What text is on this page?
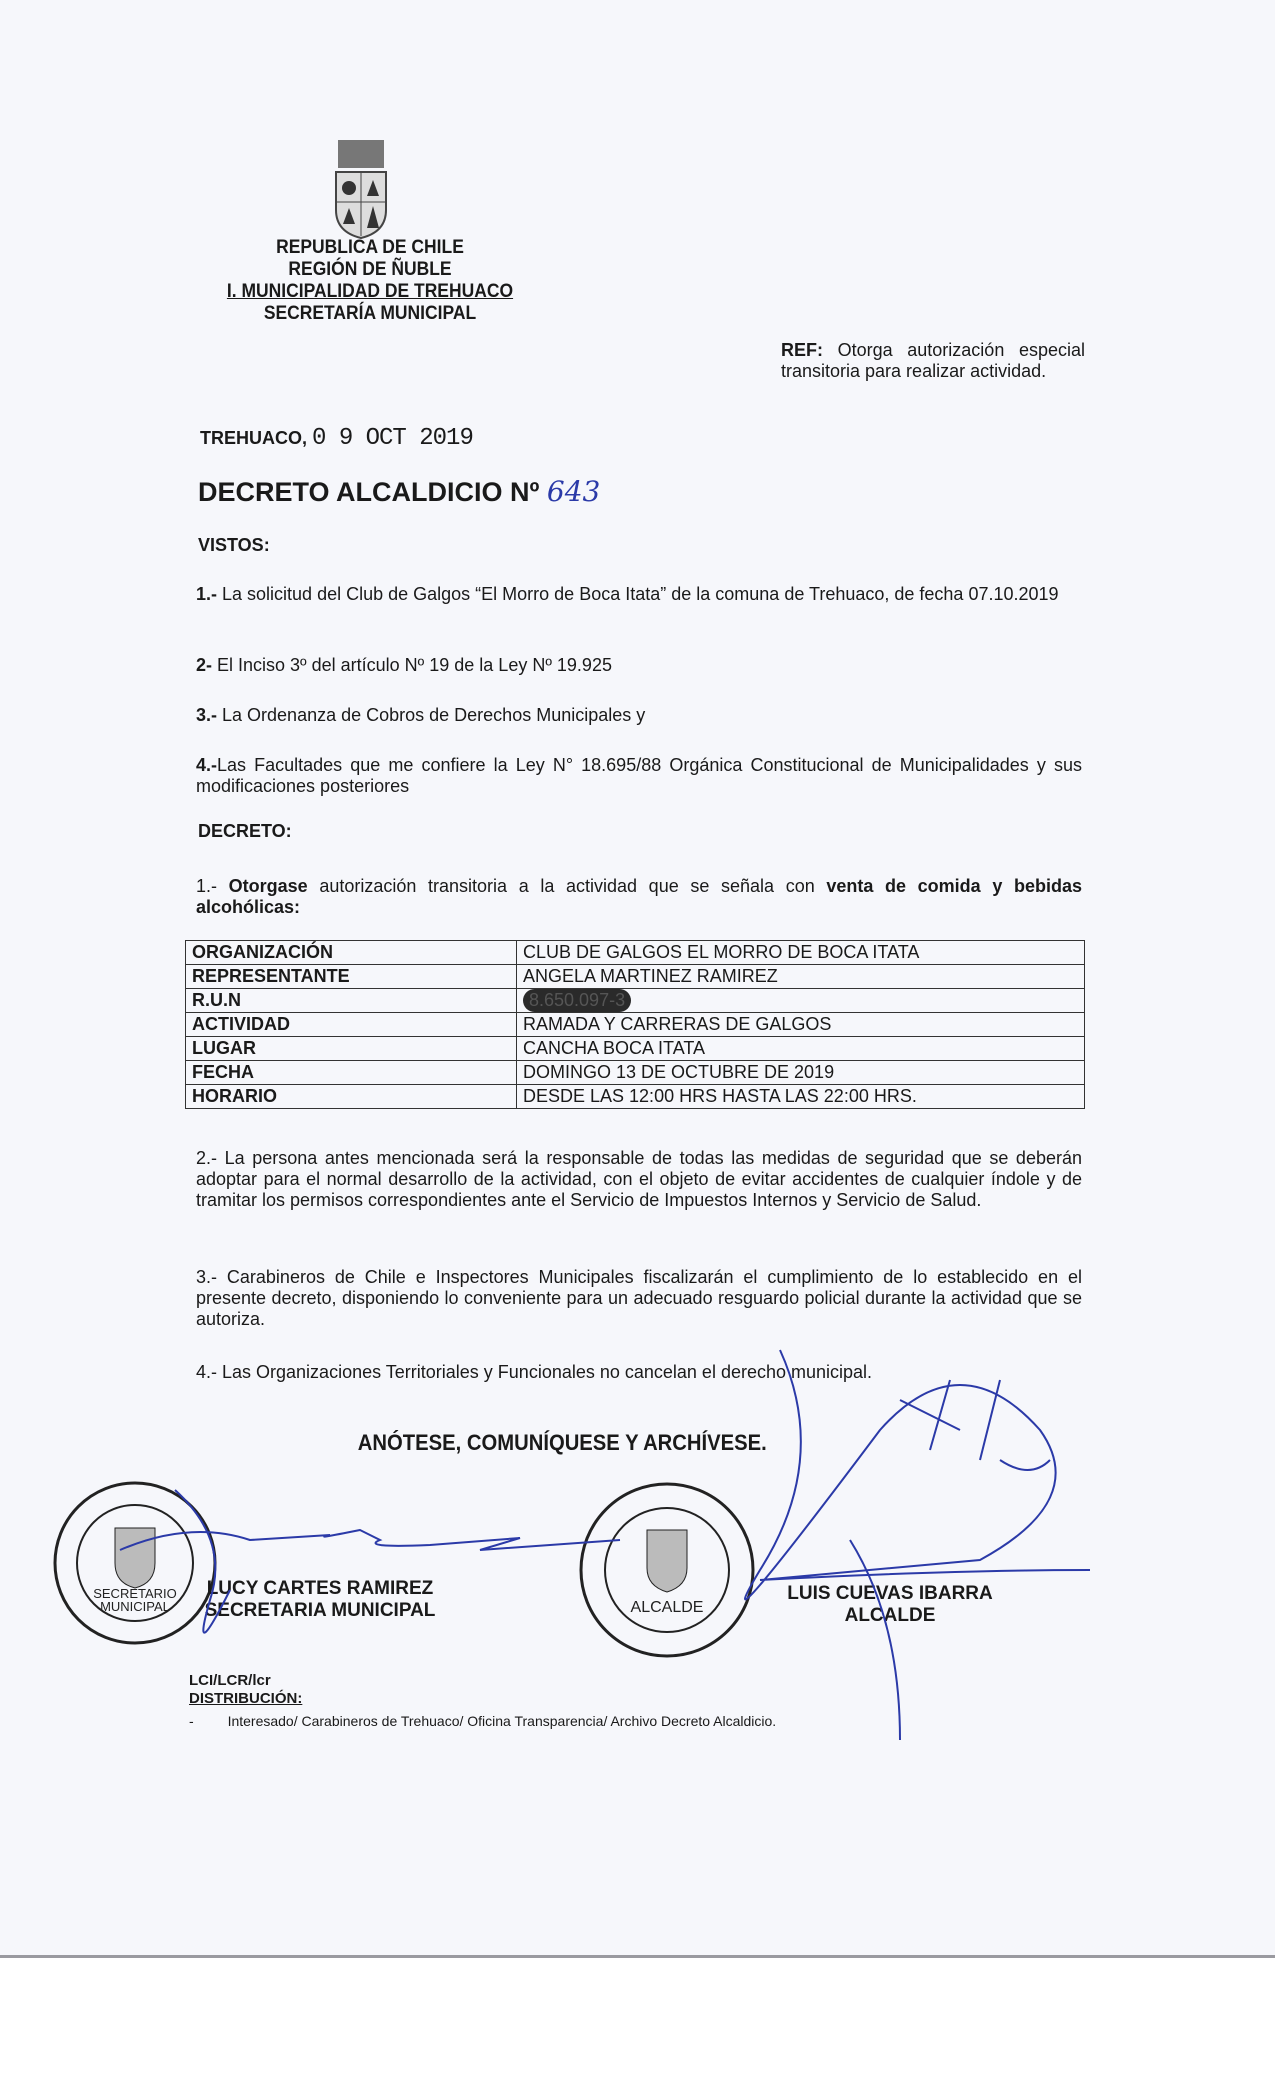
REPUBLICA DE CHILE
REGIÓN DE ÑUBLE
I. MUNICIPALIDAD DE TREHUACO
SECRETARÍA MUNICIPAL
REF: Otorga autorización especial transitoria para realizar actividad.
TREHUACO, 0 9 OCT 2019
DECRETO ALCALDICIO Nº 643
VISTOS:
1.- La solicitud del Club de Galgos “El Morro de Boca Itata” de la comuna de Trehuaco, de fecha 07.10.2019
2- El Inciso 3º del artículo Nº 19 de la Ley Nº 19.925
3.- La Ordenanza de Cobros de Derechos Municipales y
4.-Las Facultades que me confiere la Ley N° 18.695/88 Orgánica Constitucional de Municipalidades y sus modificaciones posteriores
DECRETO:
1.- Otorgase autorización transitoria a la actividad que se señala con venta de comida y bebidas alcohólicas:
ORGANIZACIÓN	CLUB DE GALGOS EL MORRO DE BOCA ITATA
REPRESENTANTE	ANGELA MARTINEZ RAMIREZ
R.U.N	8.650.097-3
ACTIVIDAD	RAMADA Y CARRERAS DE GALGOS
LUGAR	CANCHA BOCA ITATA
FECHA	DOMINGO 13 DE OCTUBRE DE 2019
HORARIO	DESDE LAS 12:00 HRS HASTA LAS 22:00 HRS.
2.- La persona antes mencionada será la responsable de todas las medidas de seguridad que se deberán adoptar para el normal desarrollo de la actividad, con el objeto de evitar accidentes de cualquier índole y de tramitar los permisos correspondientes ante el Servicio de Impuestos Internos y Servicio de Salud.
3.- Carabineros de Chile e Inspectores Municipales fiscalizarán el cumplimiento de lo establecido en el presente decreto, disponiendo lo conveniente para un adecuado resguardo policial durante la actividad que se autoriza.
4.- Las Organizaciones Territoriales y Funcionales no cancelan el derecho municipal.
ANÓTESE, COMUNÍQUESE Y ARCHÍVESE.
SECRETARIO
MUNICIPAL	ALCALDE
LUCY CARTES RAMIREZ
SECRETARIA MUNICIPAL
LUIS CUEVAS IBARRA
ALCALDE
LCI/LCR/lcr
DISTRIBUCIÓN:
- Interesado/ Carabineros de Trehuaco/ Oficina Transparencia/ Archivo Decreto Alcaldicio.
